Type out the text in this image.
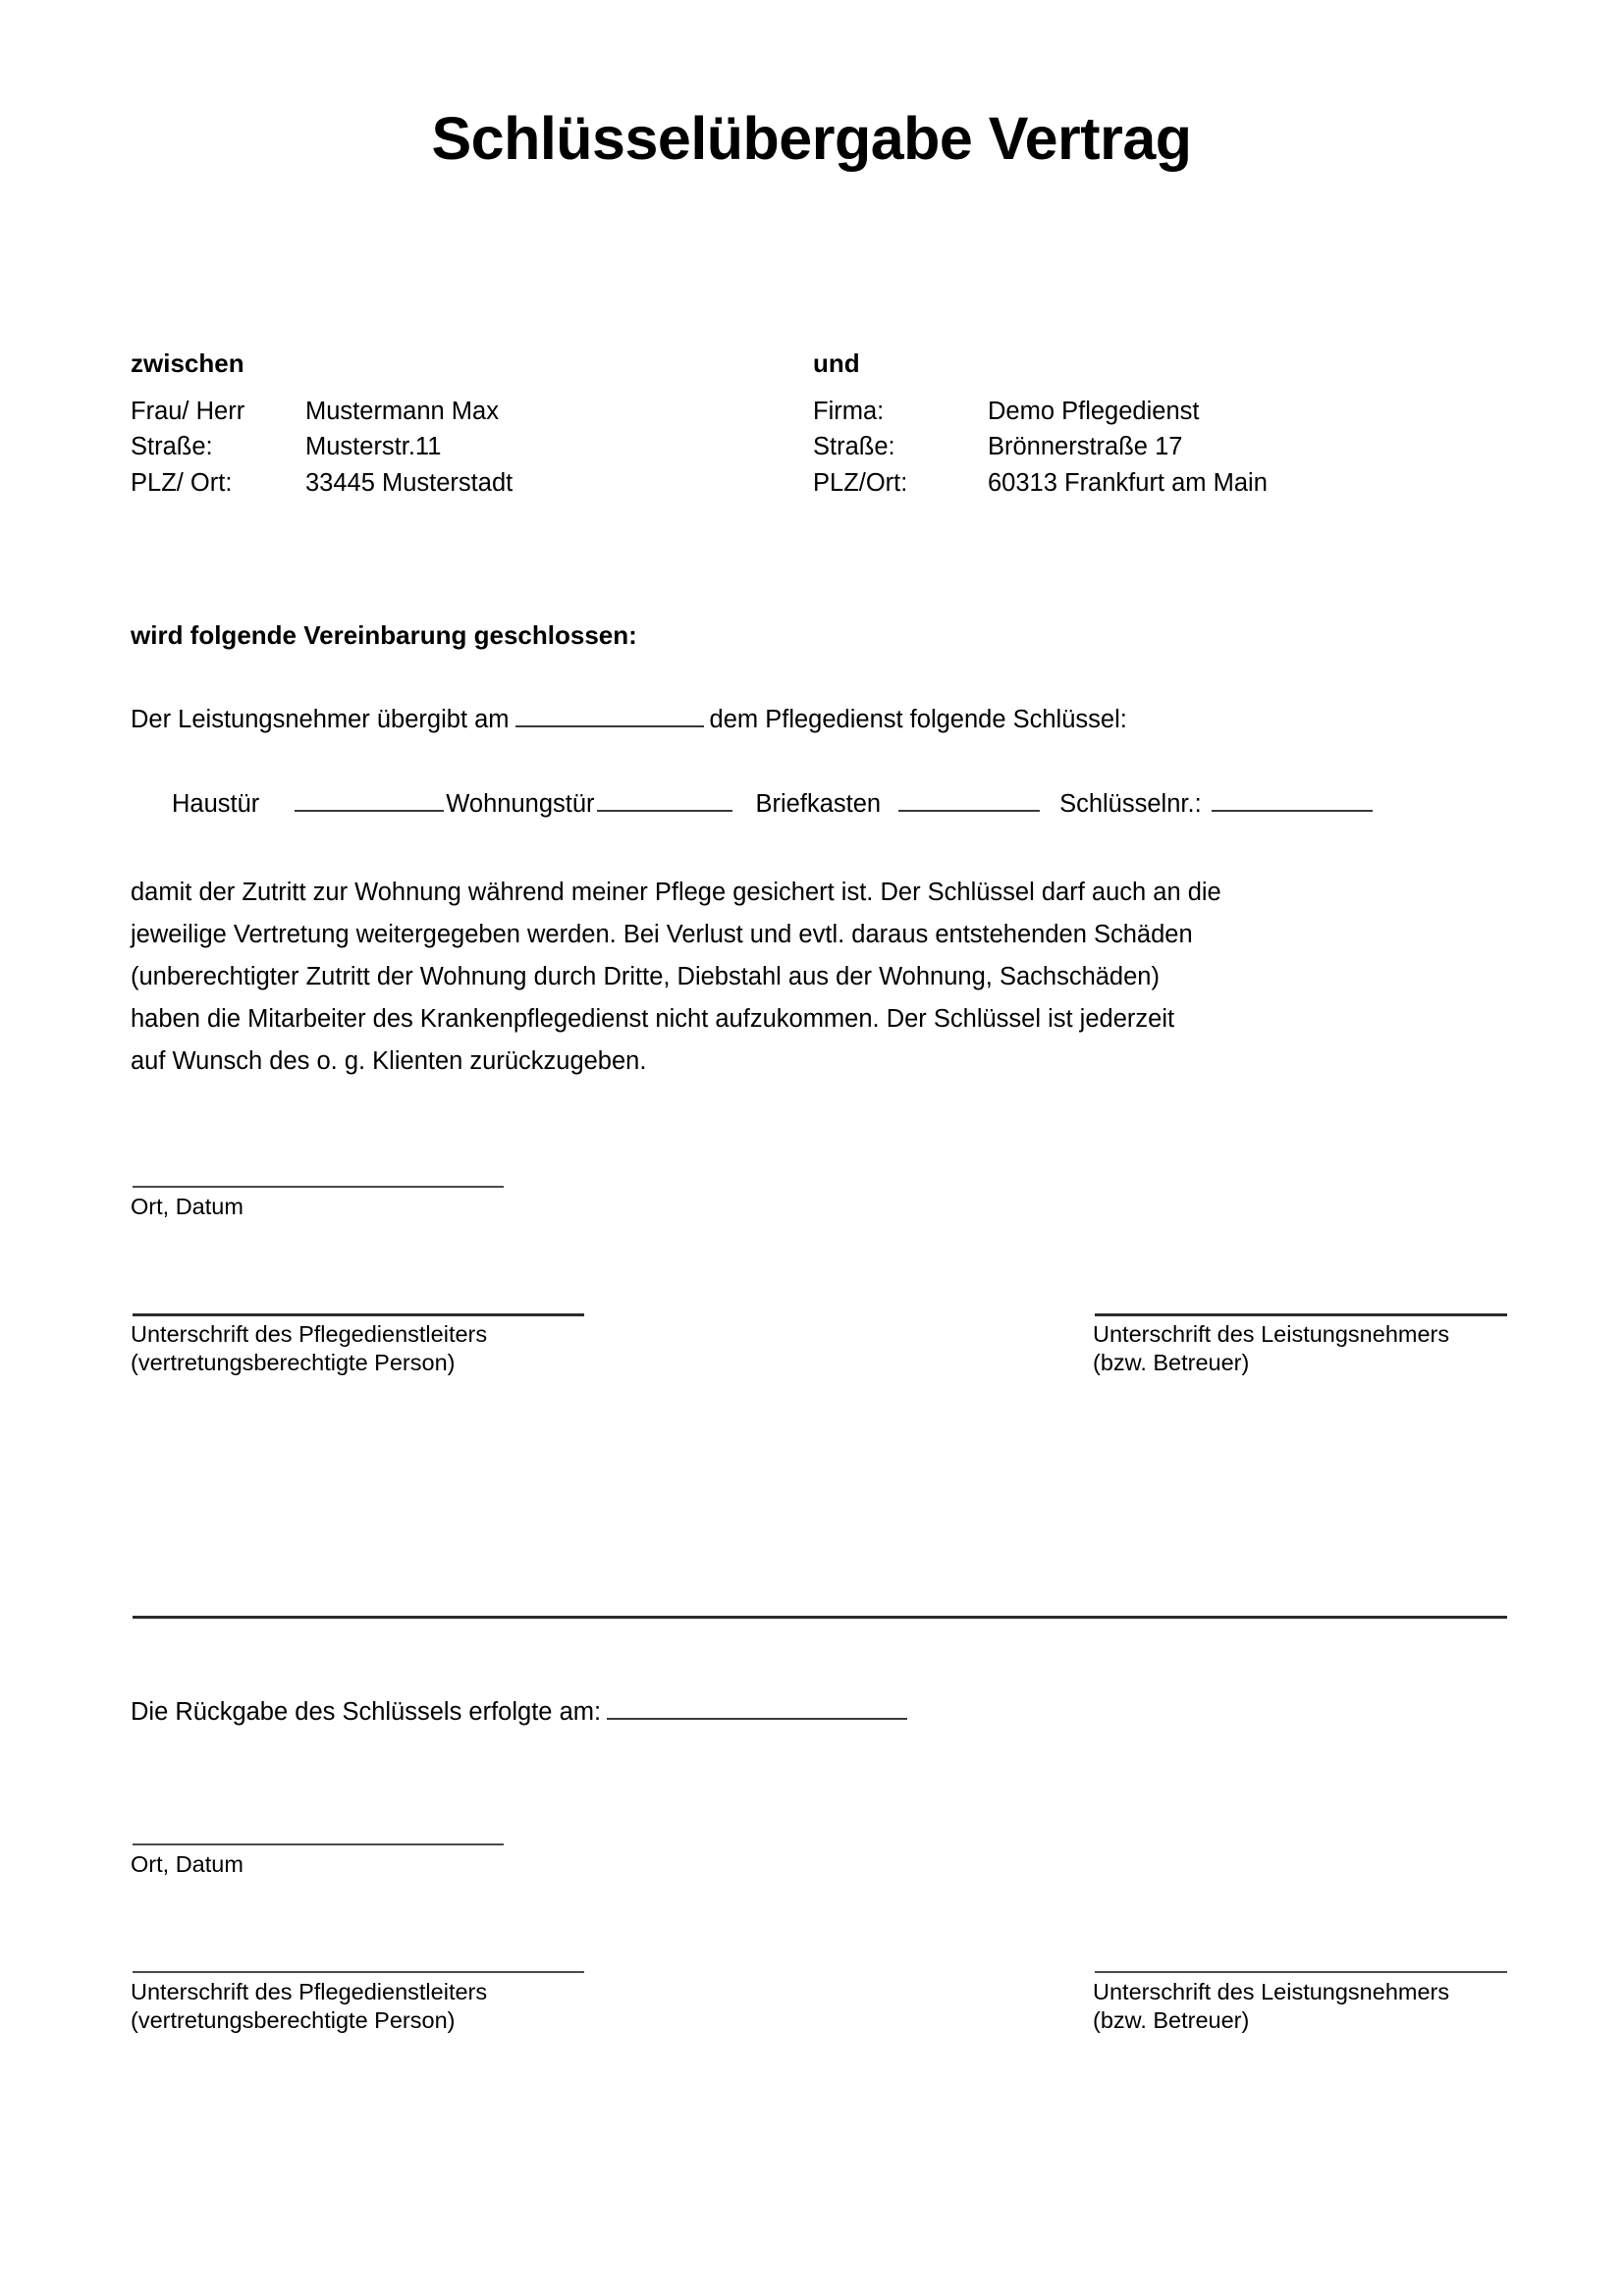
Schlüsselübergabe Vertrag
zwischen
Frau/ Herr	Mustermann Max
Straße:	Musterstr.11
PLZ/ Ort:	33445 Musterstadt
und
Firma:	Demo Pflegedienst
Straße:	Brönnerstraße 17
PLZ/Ort:	60313 Frankfurt am Main
wird folgende Vereinbarung geschlossen:
Der Leistungsnehmer übergibt am	dem Pflegedienst folgende Schlüssel:
Haustür	Wohnungstür	Briefkasten	Schlüsselnr.:
damit der Zutritt zur Wohnung während meiner Pflege gesichert ist. Der Schlüssel darf auch an die
jeweilige Vertretung weitergegeben werden. Bei Verlust und evtl. daraus entstehenden Schäden
(unberechtigter Zutritt der Wohnung durch Dritte, Diebstahl aus der Wohnung, Sachschäden)
haben die Mitarbeiter des Krankenpflegedienst nicht aufzukommen. Der Schlüssel ist jederzeit
auf Wunsch des o. g. Klienten zurückzugeben.
Ort, Datum
Unterschrift des Pflegedienstleiters
(vertretungsberechtigte Person)
Unterschrift des Leistungsnehmers
(bzw. Betreuer)
Die Rückgabe des Schlüssels erfolgte am:
Ort, Datum
Unterschrift des Pflegedienstleiters
(vertretungsberechtigte Person)
Unterschrift des Leistungsnehmers
(bzw. Betreuer)
